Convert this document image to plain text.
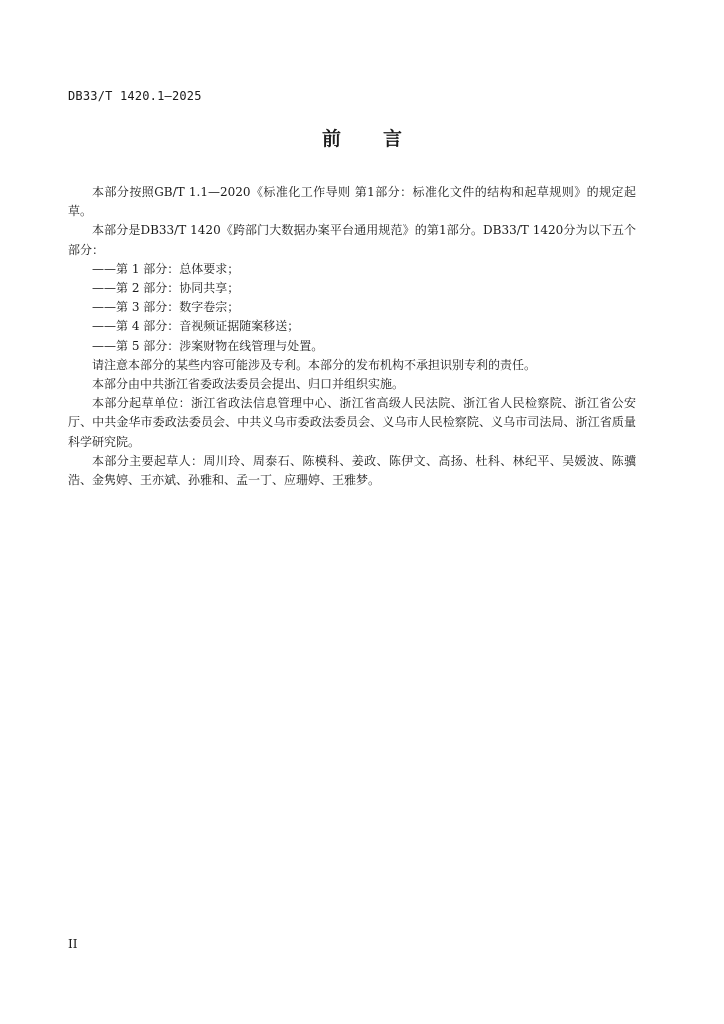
DB33/T 1420.1—2025
前言

本部分按照GB/T 1.1—2020《标准化工作导则 第1部分：标准化文件的结构和起草规则》的规定起草。

本部分是DB33/T 1420《跨部门大数据办案平台通用规范》的第1部分。DB33/T 1420分为以下五个部分：

——第 1 部分：总体要求；
——第 2 部分：协同共享；
——第 3 部分：数字卷宗；
——第 4 部分：音视频证据随案移送；
——第 5 部分：涉案财物在线管理与处置。

请注意本部分的某些内容可能涉及专利。本部分的发布机构不承担识别专利的责任。

本部分由中共浙江省委政法委员会提出、归口并组织实施。

本部分起草单位：浙江省政法信息管理中心、浙江省高级人民法院、浙江省人民检察院、浙江省公安厅、中共金华市委政法委员会、中共义乌市委政法委员会、义乌市人民检察院、义乌市司法局、浙江省质量科学研究院。

本部分主要起草人：周川玲、周泰石、陈模科、姜政、陈伊文、高扬、杜科、林纪平、吴媛波、陈骥浩、金隽婷、王亦斌、孙雅和、孟一丁、应珊婷、王雅梦。

II
